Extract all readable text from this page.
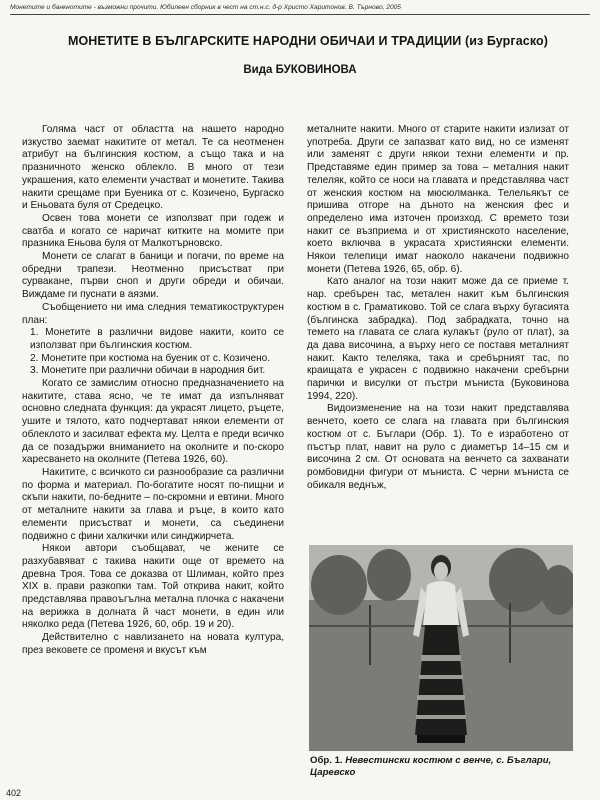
Монетите и банкнотите - възможни прочити. Юбилеен сборник в чест на ст.н.с. д-р Христо Харитонов. В. Търново, 2005
МОНЕТИТЕ В БЪЛГАРСКИТЕ НАРОДНИ ОБИЧАИ И ТРАДИЦИИ (из Бургаско)
Вида БУКОВИНОВА

Голяма част от областта на нашето народно изкуство заемат накитите от метал. Те са неотменен атрибут на бългинския костюм, а също така и на празничното женско облекло. В много от тези украшения, като елементи участват и монетите. Такива накити срещаме при Буеника от с. Козичено, Бургаско и Еньовата буля от Средецко.

Освен това монети се използват при годеж и сватба и когато се наричат китките на момите при празника Еньова буля от Малкотърновско.

Монети се слагат в баници и погачи, по време на обредни трапези. Неотменно присъстват при сурвакане, първи сноп и други обреди и обичаи. Виждаме ги пуснати в аязми.

Съобщението ни има следния тематикоструктурен план:

1. Монетите в различни видове накити, които се използват при бългинския костюм.

2. Монетите при костюма на буеник от с. Козичено.

3. Монетите при различни обичаи в народния бит.

Когато се замислим относно предназначението на накитите, става ясно, че те имат да изпълняват основно следната функция: да украсят лицето, ръцете, ушите и тялото, като подчертават някои елементи от облеклото и засилват ефекта му. Целта е преди всичко да се позадържи вниманието на околните и по-скоро харесването на околните (Петева 1926, 60).

Накитите, с всичкото си разнообразие са различни по форма и материал. По-богатите носят по-пищни и скъпи накити, по-бедните – по-скромни и евтини. Много от металните накити за глава и ръце, в които като елементи присъстват и монети, са съединени подвижно с фини халкички или синджирчета.

Някои автори съобщават, че жените се разхубавяват с такива накити още от времето на древна Троя. Това се доказва от Шлиман, който през XIX в. прави разкопки там. Той открива накит, който представлява правоъгълна метална плочка с накачени на верижка в долната й част монети, в един или няколко реда (Петева 1926, 60, обр. 19 и 20).

Действително с навлизането на новата култура, през вековете се променя и вкусът към

металните накити. Много от старите накити излизат от употреба. Други се запазват като вид, но се изменят или заменят с други някои техни елементи и пр. Представяме един пример за това – металния накит телеляк, който се носи на главата и представлява част от женския костюм на мюсюлманка. Телельякът се пришива отгоре на дъното на женския фес и определено има източен произход. С времето този накит се възприема и от християнското население, което включва в украсата християнски елементи. Някои телепици имат наоколо накачени подвижно монети (Петева 1926, 65, обр. 6).

Като аналог на този накит може да се приеме т. нар. сребърен тас, метален накит към бългинския костюм в с. Граматиково. Той се слага върху бугасията (бългинска забрадка). Под забрадката, точно на темето на главата се слага кулакът (руло от плат), за да дава височина, а върху него се поставя металният накит. Както телеляка, така и сребърният тас, по краищата е украсен с подвижно накачени сребърни парички и висулки от пъстри мъниста (Буковинова 1994, 220).

Видоизменение на на този накит представлява венчето, което се слага на главата при бългинския костюм от с. Бъглари (Обр. 1). То е изработено от пъстър плат, навит на руло с диаметър 14–15 см и височина 2 см. От основата на венчето са захванати ромбовидни фигури от мъниста. С черни мъниста се обикаля веднъж,

Обр. 1. Невестински костюм с венче, с. Бъглари, Царевско
402
